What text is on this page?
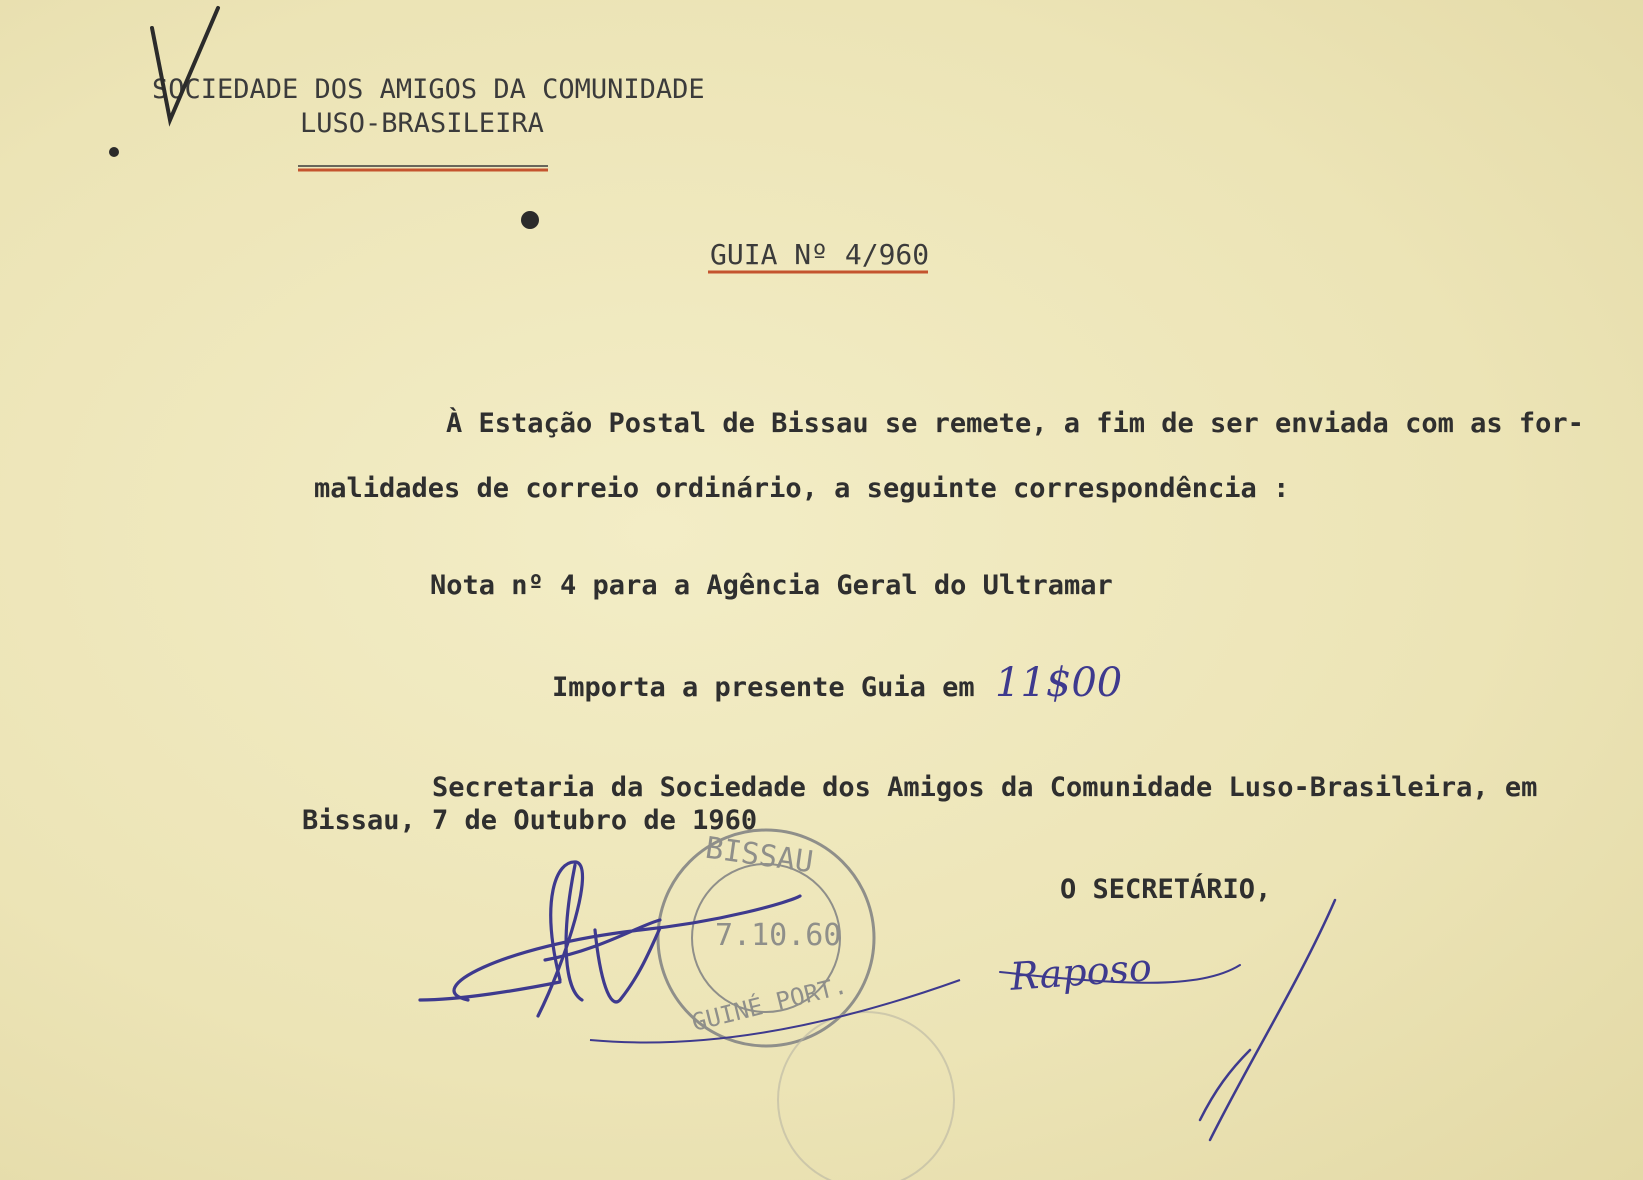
SOCIEDADE DOS AMIGOS DA COMUNIDADE
LUSO-BRASILEIRA
GUIA Nº 4/960
À Estação Postal de Bissau se remete, a fim de ser enviada com as for-
malidades de correio ordinário, a seguinte correspondência :
Nota nº 4 para a Agência Geral do Ultramar
Importa a presente Guia em 11$00
Secretaria da Sociedade dos Amigos da Comunidade Luso-Brasileira, em
Bissau, 7 de Outubro de 1960
O SECRETÁRIO,
Raposo
BISSAU
7.10.60
GUINÉ PORT.
